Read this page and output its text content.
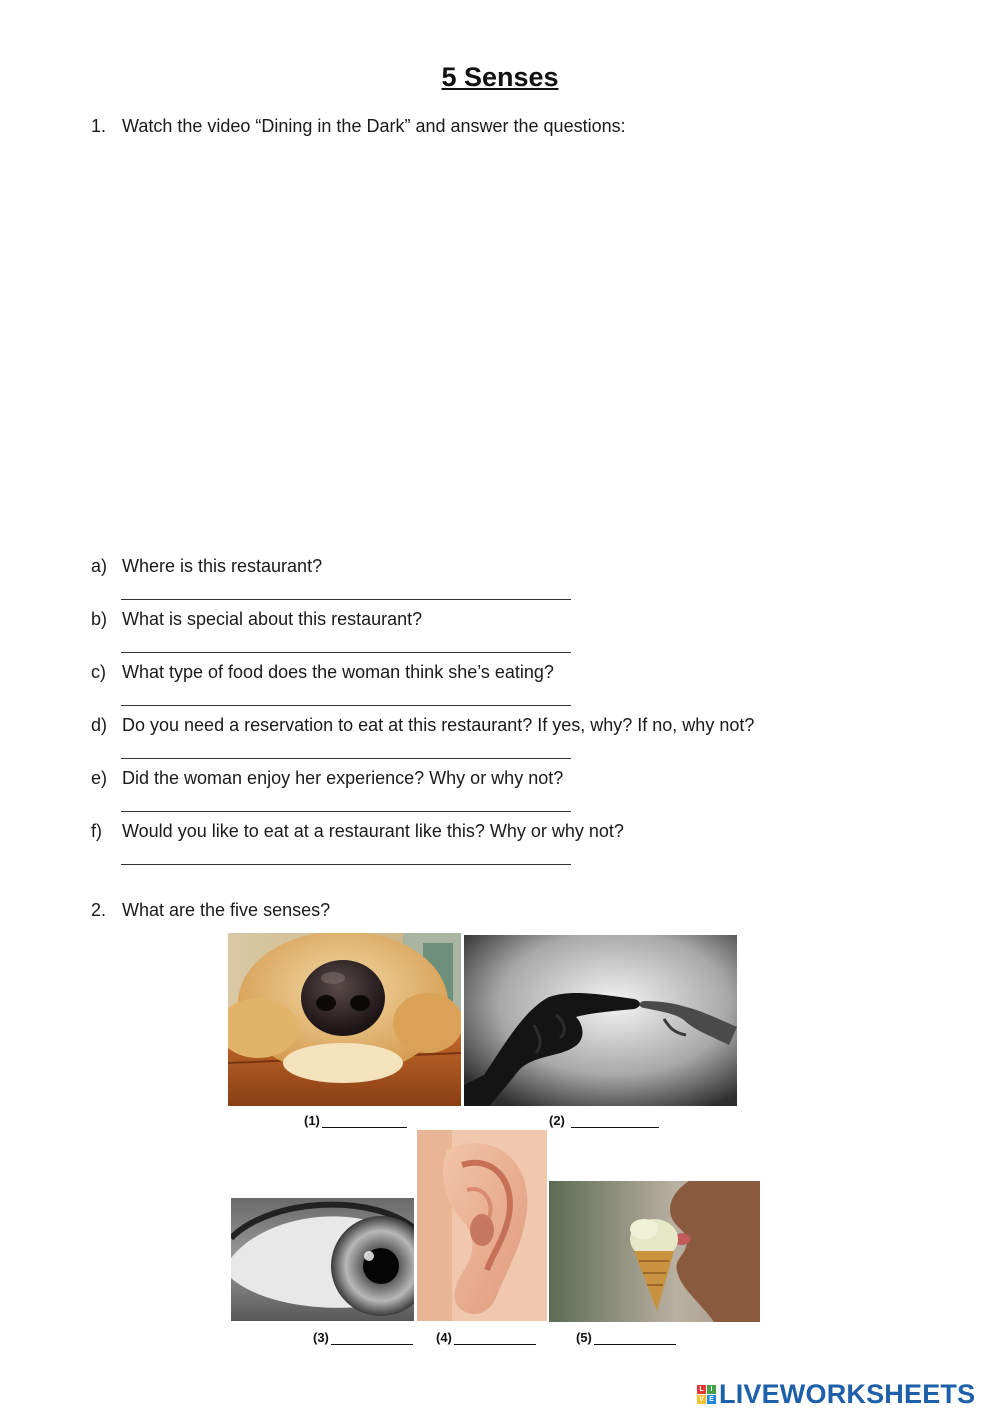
5 Senses
1. Watch the video “Dining in the Dark” and answer the questions:
a) Where is this restaurant?
b) What is special about this restaurant?
c) What type of food does the woman think she’s eating?
d) Do you need a reservation to eat at this restaurant? If yes, why? If no, why not?
e) Did the woman enjoy her experience? Why or why not?
f) Would you like to eat at a restaurant like this? Why or why not?
2. What are the five senses?
(1)	(2)
(3)	(4)	(5)
L I
V E LIVEWORKSHEETS
